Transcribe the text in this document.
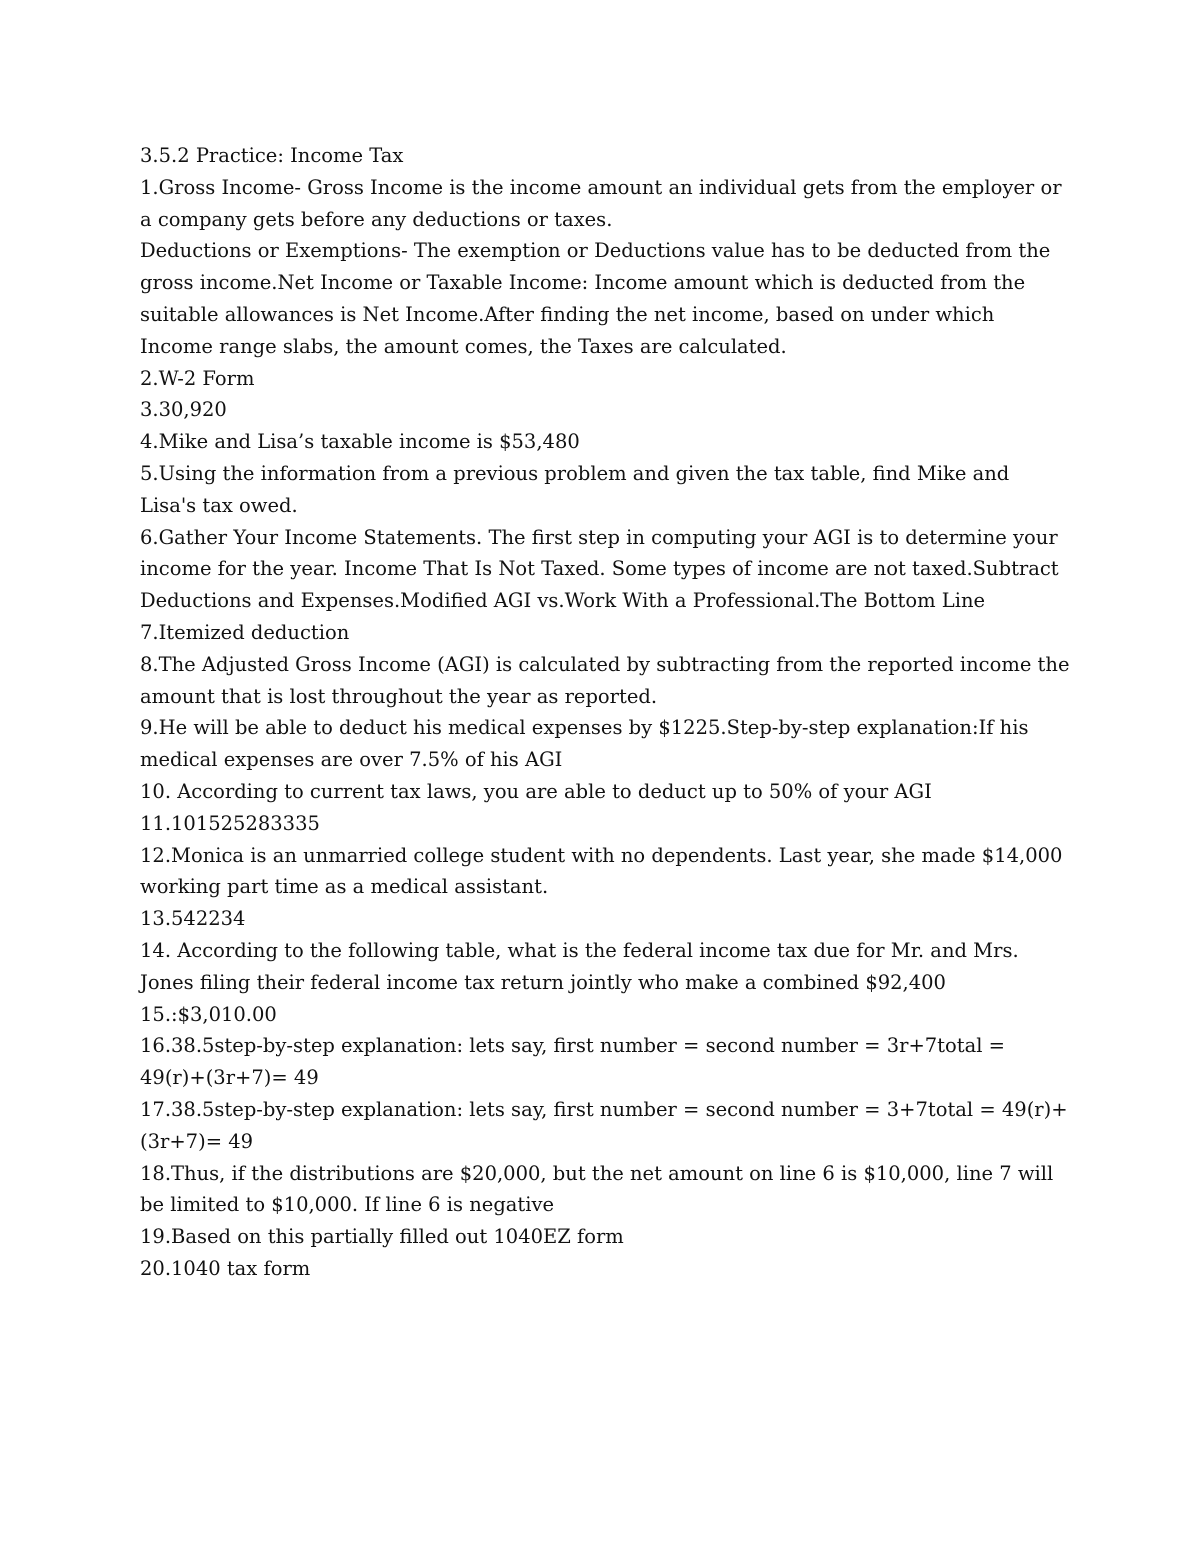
3.5.2 Practice: Income Tax

1.Gross Income- Gross Income is the income amount an individual gets from the employer or a company gets before any deductions or taxes.

Deductions or Exemptions- The exemption or Deductions value has to be deducted from the gross income.Net Income or Taxable Income: Income amount which is deducted from the suitable allowances is Net Income.After finding the net income, based on under which Income range slabs, the amount comes, the Taxes are calculated.

2.W-2 Form

3.30,920

4.Mike and Lisa’s taxable income is $53,480

5.Using the information from a previous problem and given the tax table, find Mike and Lisa's tax owed.

6.Gather Your Income Statements. The first step in computing your AGI is to determine your income for the year. Income That Is Not Taxed. Some types of income are not taxed.Subtract Deductions and Expenses.Modified AGI vs.Work With a Professional.The Bottom Line

7.Itemized deduction

8.The Adjusted Gross Income (AGI) is calculated by subtracting from the reported income the amount that is lost throughout the year as reported.

9.He will be able to deduct his medical expenses by $1225.Step-by-step explanation:If his medical expenses are over 7.5% of his AGI

10. According to current tax laws, you are able to deduct up to 50% of your AGI

11.101525283335

12.Monica is an unmarried college student with no dependents. Last year, she made $14,000 working part time as a medical assistant.

13.542234

14. According to the following table, what is the federal income tax due for Mr. and Mrs. Jones filing their federal income tax return jointly who make a combined $92,400

15.:$3,010.00

16.38.5step-by-step explanation: lets say, first number = second number = 3r+7total = 49(r)+(3r+7)= 49

17.38.5step-by-step explanation: lets say, first number = second number = 3+7total = 49(r)+(3r+7)= 49

18.Thus, if the distributions are $20,000, but the net amount on line 6 is $10,000, line 7 will be limited to $10,000. If line 6 is negative

19.Based on this partially filled out 1040EZ form

20.1040 tax form
